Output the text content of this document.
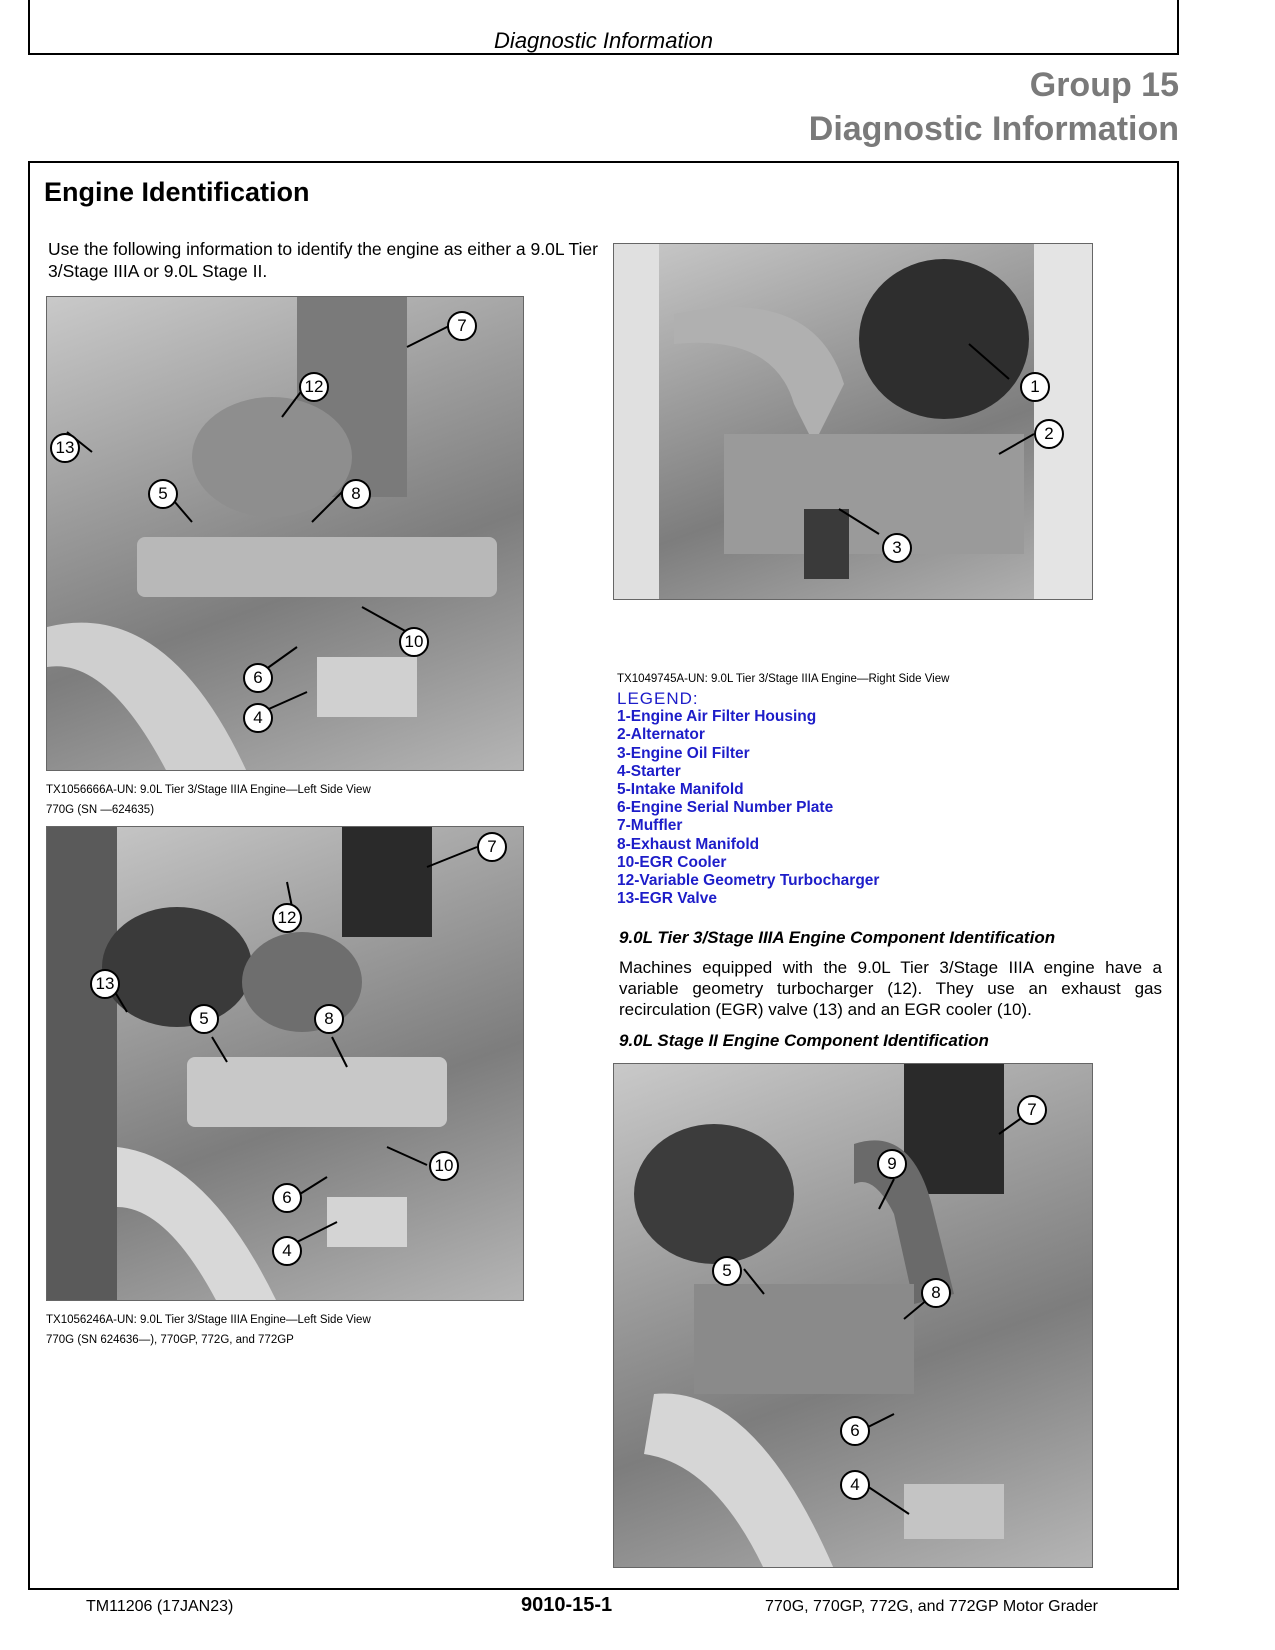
Diagnostic Information
Group 15
Diagnostic Information
Engine Identification
Use the following information to identify the engine as either a 9.0L Tier 3/Stage IIIA or 9.0L Stage II.
7
12
13
5	8
10
6
4
TX1056666A-UN: 9.0L Tier 3/Stage IIIA Engine—Left Side View
770G (SN —624635)
7
12
13
5	8
10
6
4
TX1056246A-UN: 9.0L Tier 3/Stage IIIA Engine—Left Side View
770G (SN 624636—), 770GP, 772G, and 772GP
1
2
3
TX1049745A-UN: 9.0L Tier 3/Stage IIIA Engine—Right Side View
LEGEND:
1-Engine Air Filter Housing
2-Alternator
3-Engine Oil Filter
4-Starter
5-Intake Manifold
6-Engine Serial Number Plate
7-Muffler
8-Exhaust Manifold
10-EGR Cooler
12-Variable Geometry Turbocharger
13-EGR Valve
9.0L Tier 3/Stage IIIA Engine Component Identification
Machines equipped with the 9.0L Tier 3/Stage IIIA engine have a variable geometry turbocharger (12). They use an exhaust gas recirculation (EGR) valve (13) and an EGR cooler (10).
9.0L Stage II Engine Component Identification
7
9
5
8
6
4
TM11206 (17JAN23)	9010-15-1	770G, 770GP, 772G, and 772GP Motor Grader
